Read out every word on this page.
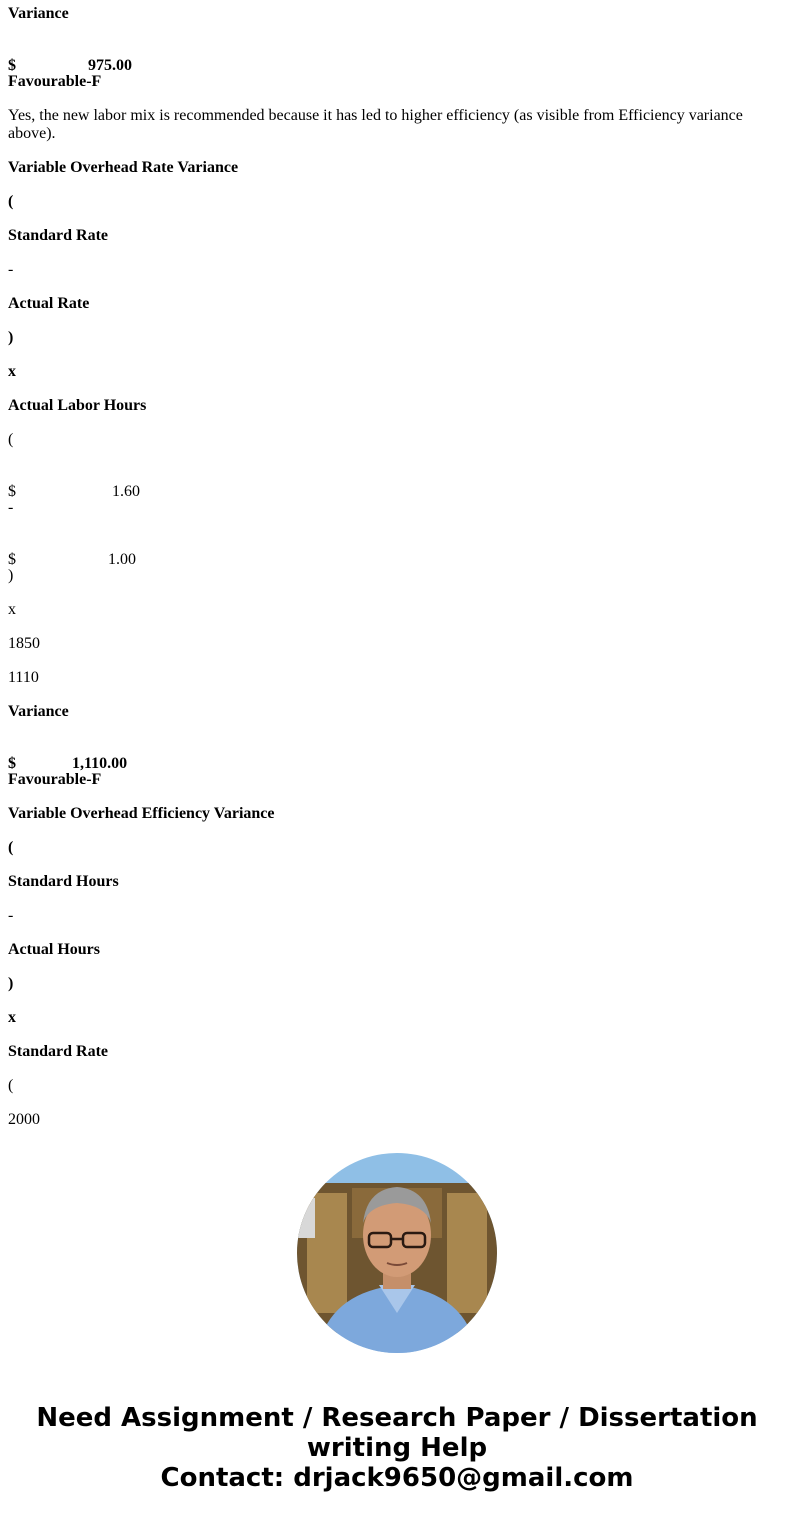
Variance

$	975.00

Favourable-F

Yes, the new labor mix is recommended because it has led to higher efficiency (as visible from Efficiency variance above).

Variable Overhead Rate Variance

(

Standard Rate

-

Actual Rate

)

x

Actual Labor Hours

(

$	1.60

-

$	1.00

)

x

1850

1110

Variance

$	1,110.00

Favourable-F

Variable Overhead Efficiency Variance

(

Standard Hours

-

Actual Hours

)

x

Standard Rate

(

2000

Need Assignment / Research Paper / Dissertation
writing Help
Contact: drjack9650@gmail.com
